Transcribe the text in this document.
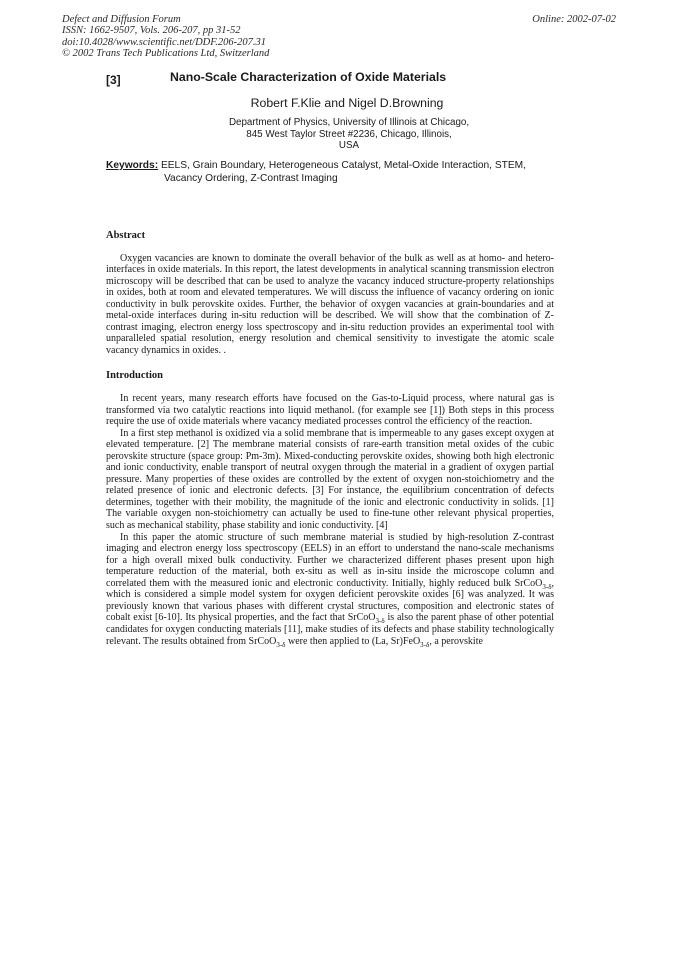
Defect and Diffusion Forum
ISSN: 1662-9507, Vols. 206-207, pp 31-52
doi:10.4028/www.scientific.net/DDF.206-207.31
© 2002 Trans Tech Publications Ltd, Switzerland
Online: 2002-07-02
[3]	Nano-Scale Characterization of Oxide Materials
Robert F.Klie and Nigel D.Browning
Department of Physics, University of Illinois at Chicago,
845 West Taylor Street #2236, Chicago, Illinois,
USA
Keywords: EELS, Grain Boundary, Heterogeneous Catalyst, Metal-Oxide Interaction, STEM,
Vacancy Ordering, Z-Contrast Imaging

Abstract

Oxygen vacancies are known to dominate the overall behavior of the bulk as well as at homo- and hetero-interfaces in oxide materials. In this report, the latest developments in analytical scanning transmission electron microscopy will be described that can be used to analyze the vacancy induced structure-property relationships in oxides, both at room and elevated temperatures. We will discuss the influence of vacancy ordering on ionic conductivity in bulk perovskite oxides. Further, the behavior of oxygen vacancies at grain-boundaries and at metal-oxide interfaces during in-situ reduction will be described. We will show that the combination of Z-contrast imaging, electron energy loss spectroscopy and in-situ reduction provides an experimental tool with unparalleled spatial resolution, energy resolution and chemical sensitivity to investigate the atomic scale vacancy dynamics in oxides. .

Introduction

In recent years, many research efforts have focused on the Gas-to-Liquid process, where natural gas is transformed via two catalytic reactions into liquid methanol. (for example see [1]) Both steps in this process require the use of oxide materials where vacancy mediated processes control the efficiency of the reaction.

In a first step methanol is oxidized via a solid membrane that is impermeable to any gases except oxygen at elevated temperature. [2] The membrane material consists of rare-earth transition metal oxides of the cubic perovskite structure (space group: Pm-3m). Mixed-conducting perovskite oxides, showing both high electronic and ionic conductivity, enable transport of neutral oxygen through the material in a gradient of oxygen partial pressure. Many properties of these oxides are controlled by the extent of oxygen non-stoichiometry and the related presence of ionic and electronic defects. [3] For instance, the equilibrium concentration of defects determines, together with their mobility, the magnitude of the ionic and electronic conductivity in solids. [1] The variable oxygen non-stoichiometry can actually be used to fine-tune other relevant physical properties, such as mechanical stability, phase stability and ionic conductivity. [4]

In this paper the atomic structure of such membrane material is studied by high-resolution Z-contrast imaging and electron energy loss spectroscopy (EELS) in an effort to understand the nano-scale mechanisms for a high overall mixed bulk conductivity. Further we characterized different phases present upon high temperature reduction of the material, both ex-situ as well as in-situ inside the microscope column and correlated them with the measured ionic and electronic conductivity. Initially, highly reduced bulk SrCoO$_{3-\delta}$, which is considered a simple model system for oxygen deficient perovskite oxides [6] was analyzed. It was previously known that various phases with different crystal structures, composition and electronic states of cobalt exist [6-10]. Its physical properties, and the fact that SrCoO$_{3-\delta}$ is also the parent phase of other potential candidates for oxygen conducting materials [11], make studies of its defects and phase stability technologically relevant. The results obtained from SrCoO$_{3-\delta}$ were then applied to (La, Sr)FeO$_{3-\delta}$, a perovskite
